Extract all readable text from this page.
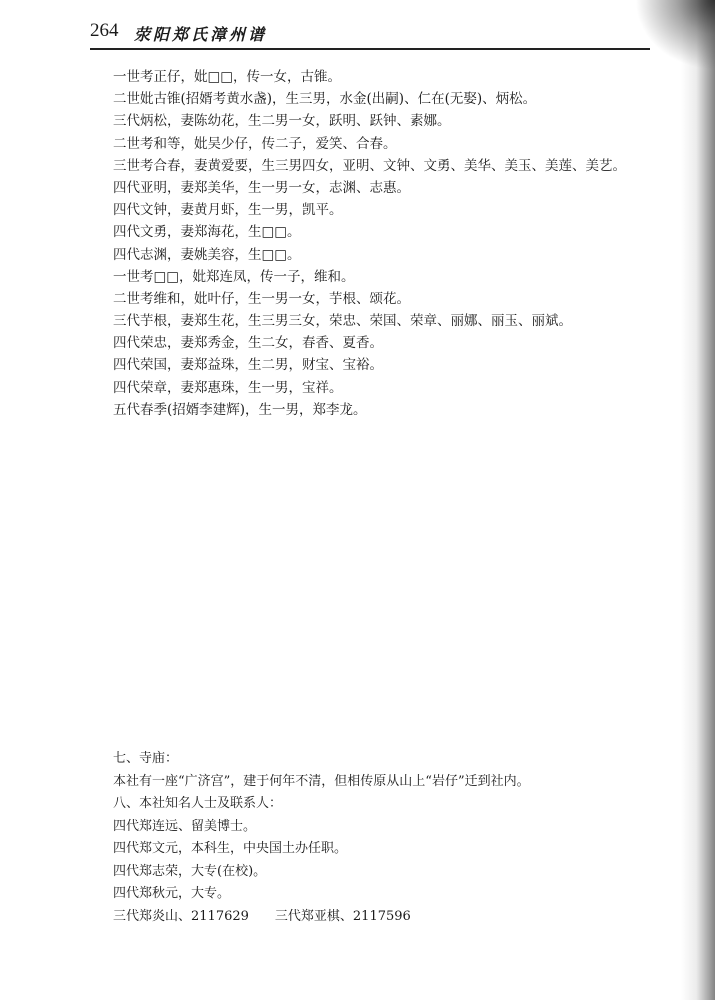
264 荥阳郑氏漳州谱
一世考正仔，妣□□，传一女，古锥。
二世妣古锥(招婿考黄水盏)，生三男，水金(出嗣)、仁在(无娶)、炳松。
三代炳松，妻陈幼花，生二男一女，跃明、跃钟、素娜。
二世考和等，妣吴少仔，传二子，爱笑、合春。
三世考合春，妻黄爱要，生三男四女，亚明、文钟、文勇、美华、美玉、美莲、美艺。
四代亚明，妻郑美华，生一男一女，志渊、志惠。
四代文钟，妻黄月虾，生一男，凯平。
四代文勇，妻郑海花，生□□。
四代志渊，妻姚美容，生□□。
一世考□□，妣郑连凤，传一子，维和。
二世考维和，妣叶仔，生一男一女，芋根、颂花。
三代芋根，妻郑生花，生三男三女，荣忠、荣国、荣章、丽娜、丽玉、丽斌。
四代荣忠，妻郑秀金，生二女，春香、夏香。
四代荣国，妻郑益珠，生二男，财宝、宝裕。
四代荣章，妻郑惠珠，生一男，宝祥。
五代春季(招婿李建辉)，生一男，郑李龙。
七、寺庙：
本社有一座“广济宫”，建于何年不清，但相传原从山上“岩仔”迁到社内。
八、本社知名人士及联系人：
四代郑连远、留美博士。
四代郑文元，本科生，中央国土办任职。
四代郑志荣，大专(在校)。
四代郑秋元，大专。
三代郑炎山、2117629 三代郑亚棋、2117596
